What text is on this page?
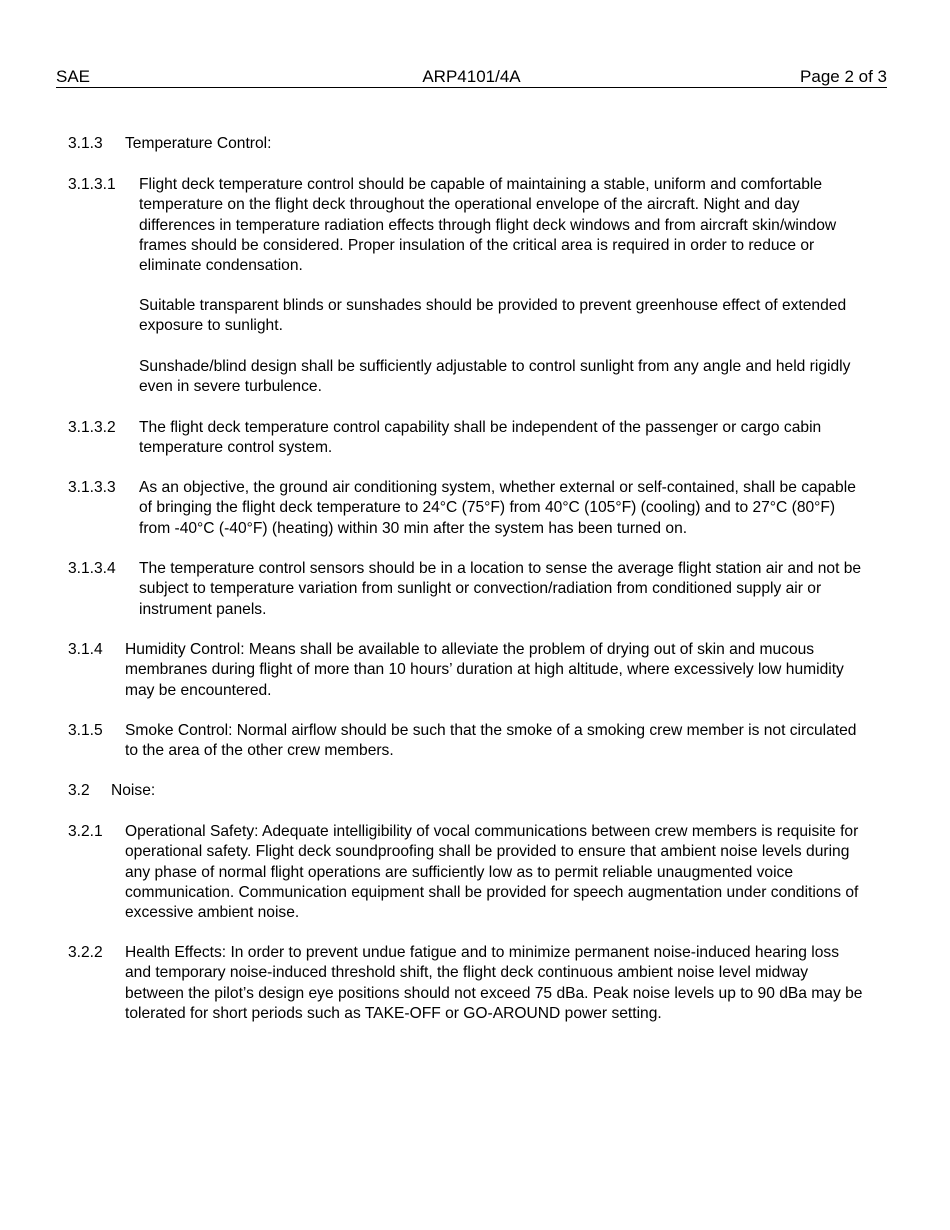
SAE	ARP4101/4A	Page 2 of 3
3.1.3 Temperature Control:
3.1.3.1 Flight deck temperature control should be capable of maintaining a stable, uniform and comfortable temperature on the flight deck throughout the operational envelope of the aircraft. Night and day differences in temperature radiation effects through flight deck windows and from aircraft skin/window frames should be considered. Proper insulation of the critical area is required in order to reduce or eliminate condensation.
Suitable transparent blinds or sunshades should be provided to prevent greenhouse effect of extended exposure to sunlight.
Sunshade/blind design shall be sufficiently adjustable to control sunlight from any angle and held rigidly even in severe turbulence.
3.1.3.2 The flight deck temperature control capability shall be independent of the passenger or cargo cabin temperature control system.
3.1.3.3 As an objective, the ground air conditioning system, whether external or self-contained, shall be capable of bringing the flight deck temperature to 24°C (75°F) from 40°C (105°F) (cooling) and to 27°C (80°F) from -40°C (-40°F) (heating) within 30 min after the system has been turned on.
3.1.3.4 The temperature control sensors should be in a location to sense the average flight station air and not be subject to temperature variation from sunlight or convection/radiation from conditioned supply air or instrument panels.
3.1.4 Humidity Control: Means shall be available to alleviate the problem of drying out of skin and mucous membranes during flight of more than 10 hours’ duration at high altitude, where excessively low humidity may be encountered.
3.1.5 Smoke Control: Normal airflow should be such that the smoke of a smoking crew member is not circulated to the area of the other crew members.
3.2 Noise:
3.2.1 Operational Safety: Adequate intelligibility of vocal communications between crew members is requisite for operational safety. Flight deck soundproofing shall be provided to ensure that ambient noise levels during any phase of normal flight operations are sufficiently low as to permit reliable unaugmented voice communication. Communication equipment shall be provided for speech augmentation under conditions of excessive ambient noise.
3.2.2 Health Effects: In order to prevent undue fatigue and to minimize permanent noise-induced hearing loss and temporary noise-induced threshold shift, the flight deck continuous ambient noise level midway between the pilot’s design eye positions should not exceed 75 dBa. Peak noise levels up to 90 dBa may be tolerated for short periods such as TAKE-OFF or GO-AROUND power setting.
